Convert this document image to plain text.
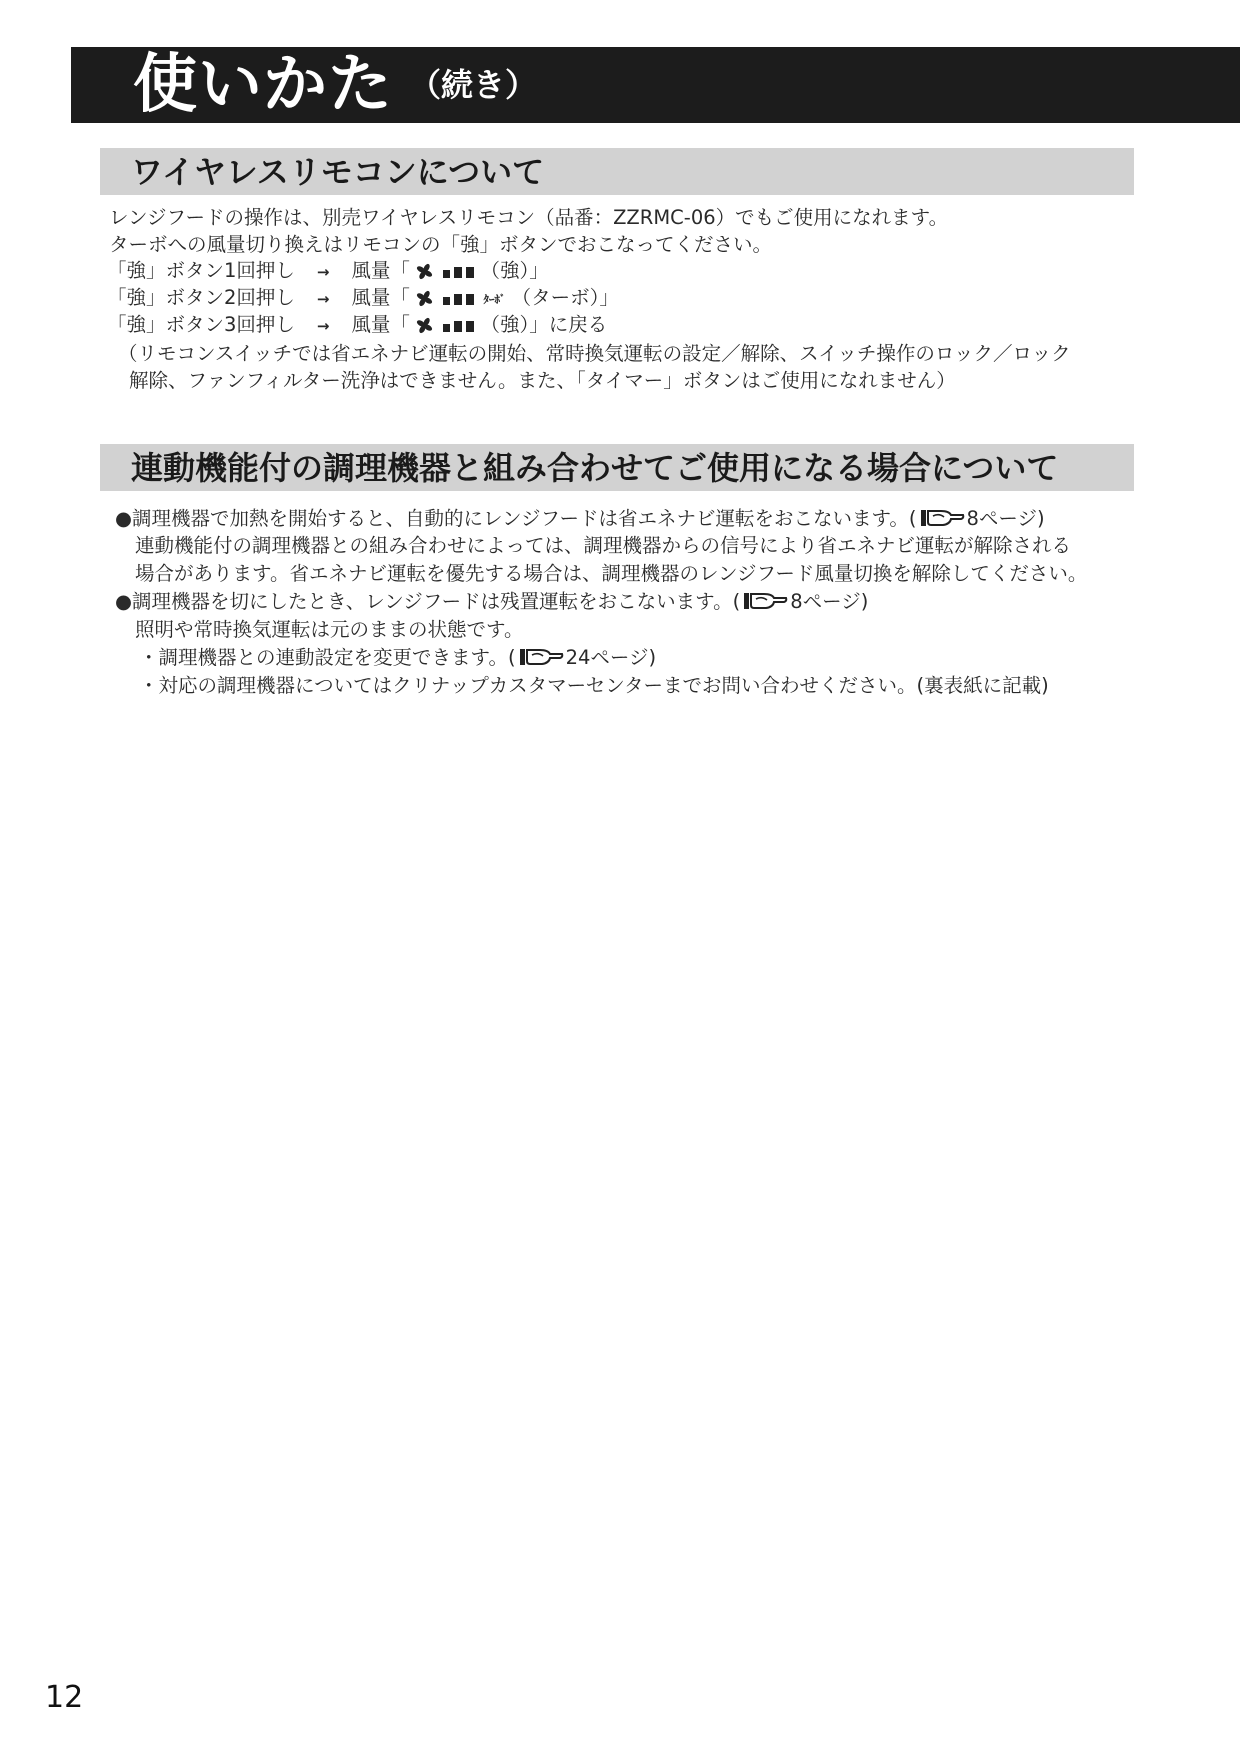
使いかた （続き）
ワイヤレスリモコンについて
レンジフードの操作は、別売ワイヤレスリモコン（品番：ZZRMC-06）でもご使用になれます。
ターボへの風量切り換えはリモコンの「強」ボタンでおこなってください。
「強」ボタン1回押し → 風量「	（強）」
「強」ボタン2回押し → 風量「	ﾀｰﾎﾞ （ターボ）」
「強」ボタン3回押し → 風量「	（強）」に戻る
（リモコンスイッチでは省エネナビ運転の開始、常時換気運転の設定／解除、スイッチ操作のロック／ロック
解除、ファンフィルター洗浄はできません。また、「タイマー」ボタンはご使用になれません）
連動機能付の調理機器と組み合わせてご使用になる場合について
●調理機器で加熱を開始すると、自動的にレンジフードは省エネナビ運転をおこないます。(	8ページ)
連動機能付の調理機器との組み合わせによっては、調理機器からの信号により省エネナビ運転が解除される
場合があります。省エネナビ運転を優先する場合は、調理機器のレンジフード風量切換を解除してください。
●調理機器を切にしたとき、レンジフードは残置運転をおこないます。(	8ページ)
照明や常時換気運転は元のままの状態です。
・調理機器との連動設定を変更できます。(	24ページ)
・対応の調理機器についてはクリナップカスタマーセンターまでお問い合わせください。(裏表紙に記載)
12
